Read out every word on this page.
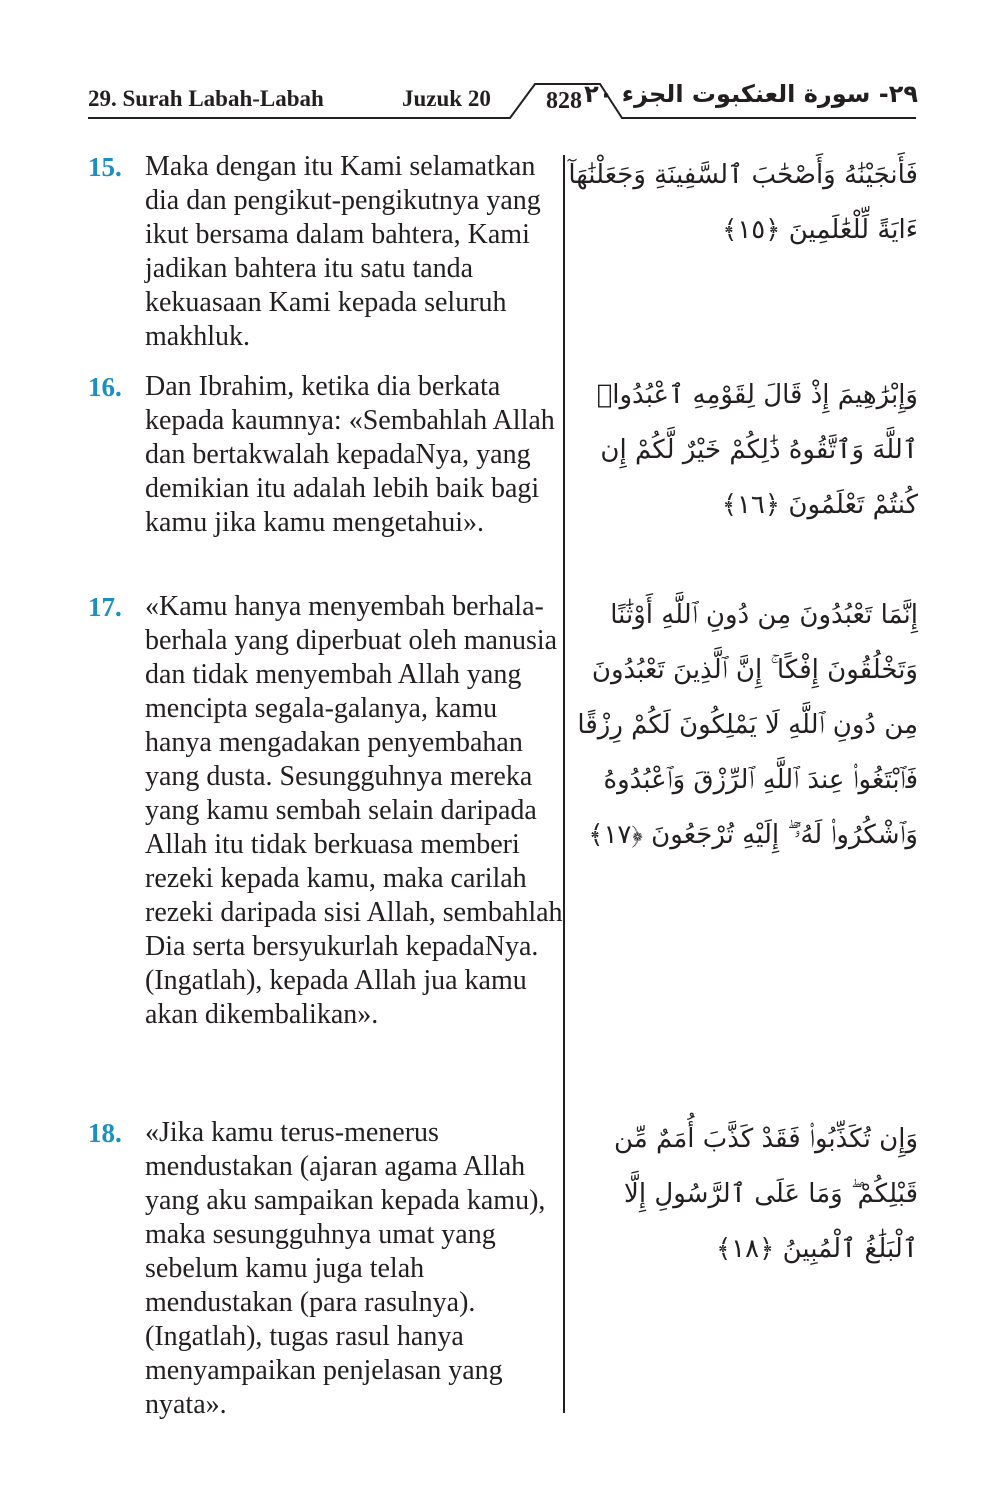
29. Surah Labah-Labah	Juzuk 20	828 ٢٩- سورة العنكبوت الجزء ٢٠
15. Maka dengan itu Kami selamatkan dia dan pengikut-pengikutnya yang ikut bersama dalam bahtera, Kami jadikan bahtera itu satu tanda kekuasaan Kami kepada seluruh makhluk.
16. Dan Ibrahim, ketika dia berkata kepada kaumnya: «Sembahlah Allah dan bertakwalah kepadaNya, yang demikian itu adalah lebih baik bagi kamu jika kamu mengetahui».
17. «Kamu hanya menyembah berhala-berhala yang diperbuat oleh manusia dan tidak menyembah Allah yang mencipta segala-galanya, kamu hanya mengadakan penyembahan yang dusta. Sesungguhnya mereka yang kamu sembah selain daripada Allah itu tidak berkuasa memberi rezeki kepada kamu, maka carilah rezeki daripada sisi Allah, sembahlah Dia serta bersyukurlah kepadaNya. (Ingatlah), kepada Allah jua kamu akan dikembalikan».
18. «Jika kamu terus-menerus mendustakan (ajaran agama Allah yang aku sampaikan kepada kamu), maka sesungguhnya umat yang sebelum kamu juga telah mendustakan (para rasulnya). (Ingatlah), tugas rasul hanya menyampaikan penjelasan yang nyata».
فَأَنجَيْنَٰهُ وَأَصْحَٰبَ ٱلسَّفِينَةِ وَجَعَلْنَٰهَآ ءَايَةً لِّلْعَٰلَمِينَ ﴿١٥﴾
وَإِبْرَٰهِيمَ إِذْ قَالَ لِقَوْمِهِ ٱعْبُدُوا۟ ٱللَّهَ وَٱتَّقُوهُ ذَٰلِكُمْ خَيْرٌ لَّكُمْ إِن كُنتُمْ تَعْلَمُونَ ﴿١٦﴾
إِنَّمَا تَعْبُدُونَ مِن دُونِ ٱللَّهِ أَوْثَٰنًا وَتَخْلُقُونَ إِفْكًا ۚ إِنَّ ٱلَّذِينَ تَعْبُدُونَ مِن دُونِ ٱللَّهِ لَا يَمْلِكُونَ لَكُمْ رِزْقًا فَٱبْتَغُوا۟ عِندَ ٱللَّهِ ٱلرِّزْقَ وَٱعْبُدُوهُ وَٱشْكُرُوا۟ لَهُۥٓ ۖ إِلَيْهِ تُرْجَعُونَ ﴿١٧﴾
وَإِن تُكَذِّبُوا۟ فَقَدْ كَذَّبَ أُمَمٌ مِّن قَبْلِكُمْ ۖ وَمَا عَلَى ٱلرَّسُولِ إِلَّا ٱلْبَلَٰغُ ٱلْمُبِينُ ﴿١٨﴾
